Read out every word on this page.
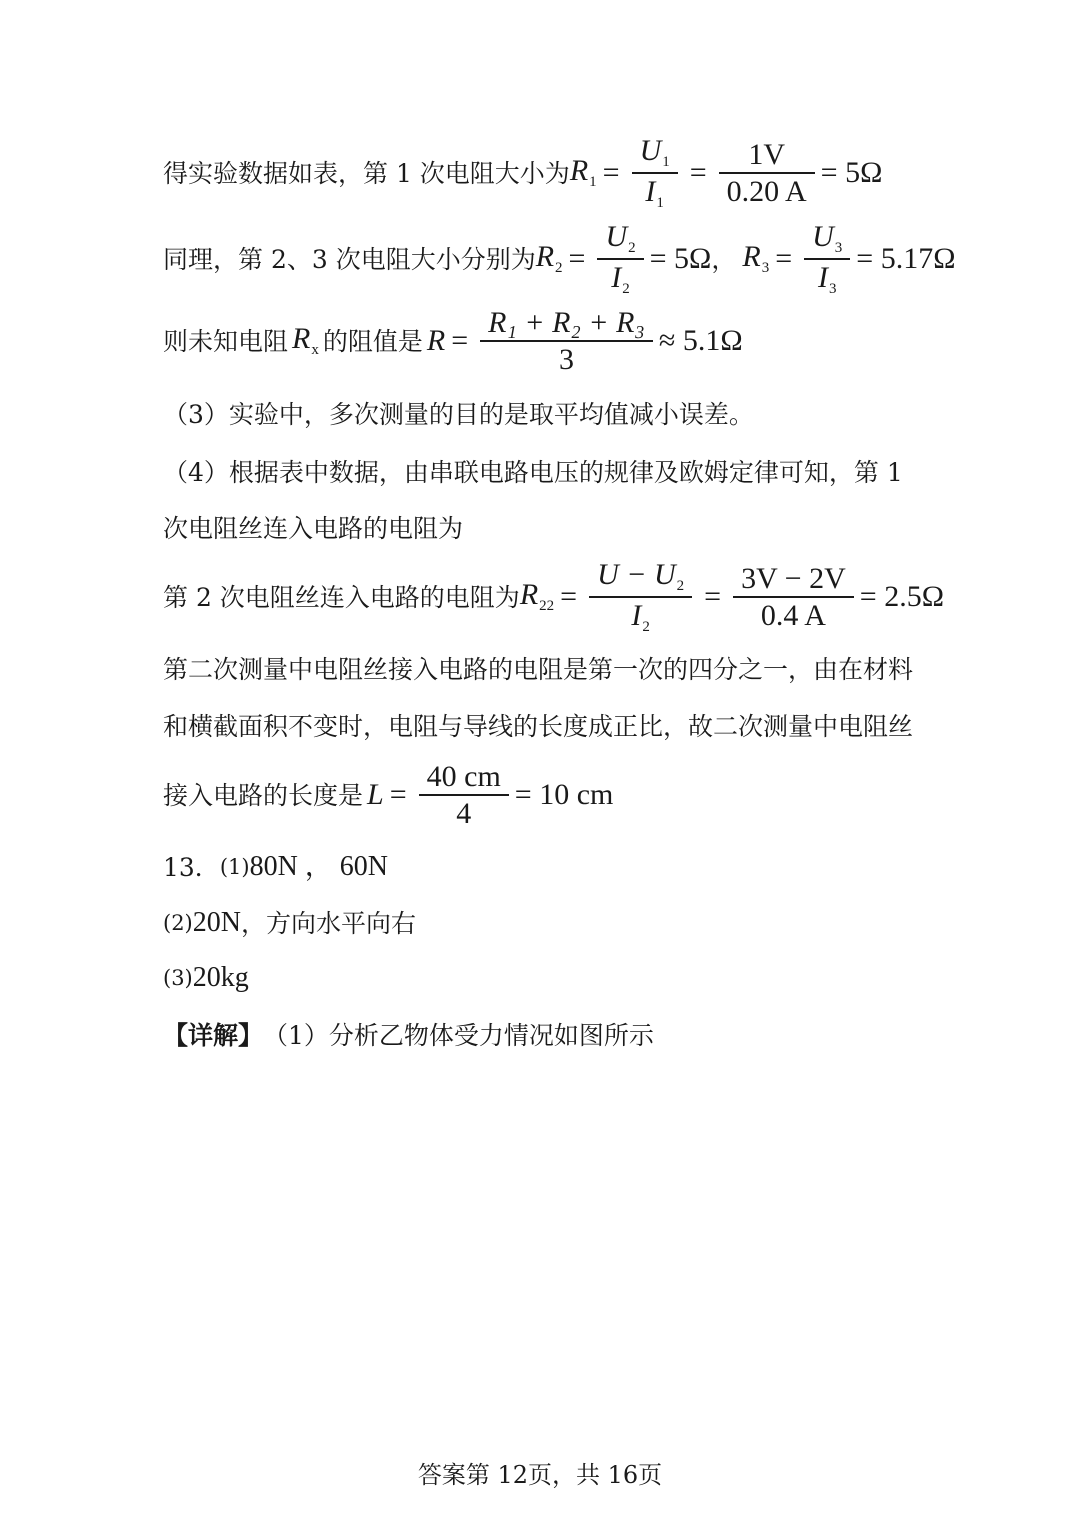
得实验数据如表，第 1 次电阻大小为 $R_1 = \frac{U_1}{I_1} = \frac{1V}{0.20 A} = 5\Omega$
同理，第 2、3 次电阻大小分别为 $R_2 = \frac{U_2}{I_2} = 5\Omega$ ， $R_3 = \frac{U_3}{I_3} = 5.17\Omega$
则未知电阻 $R_x$ 的阻值是 $R = \frac{\text{R₁ + R₂ + R₃}}{3} \approx 5.1\Omega$
（3）实验中，多次测量的目的是取平均值减小误差。
（4）根据表中数据，由串联电路电压的规律及欧姆定律可知，第 1
次电阻丝连入电路的电阻为
第 2 次电阻丝连入电路的电阻为 $R_{22} = \frac{U - U_2}{I_2} = \frac{3V - 2V}{0.4 A} = 2.5\Omega$
第二次测量中电阻丝接入电路的电阻是第一次的四分之一，由在材料
和横截面积不变时，电阻与导线的长度成正比，故二次测量中电阻丝
接入电路的长度是 $L = \frac{40 cm}{4} = 10$ cm
13． (1) 80N ， 60N
(2) 20N ，方向水平向右
(3) 20kg
【详解】 （1）分析乙物体受力情况如图所示
答案第 12页，共 16页
